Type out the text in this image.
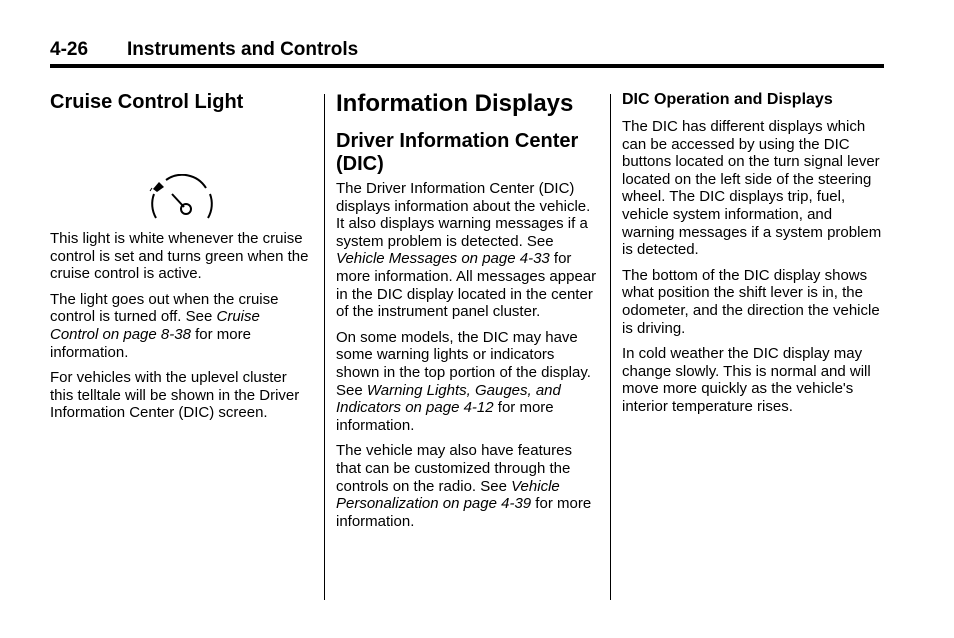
4-26 Instruments and Controls
Cruise Control Light

This light is white whenever the cruise control is set and turns green when the cruise control is active.

The light goes out when the cruise control is turned off. See Cruise Control on page 8-38 for more information.

For vehicles with the uplevel cluster this telltale will be shown in the Driver Information Center (DIC) screen.

Information Displays
Driver Information Center (DIC)

The Driver Information Center (DIC) displays information about the vehicle. It also displays warning messages if a system problem is detected. See Vehicle Messages on page 4-33 for more information. All messages appear in the DIC display located in the center of the instrument panel cluster.

On some models, the DIC may have some warning lights or indicators shown in the top portion of the display. See Warning Lights, Gauges, and Indicators on page 4-12 for more information.

The vehicle may also have features that can be customized through the controls on the radio. See Vehicle Personalization on page 4-39 for more information.

DIC Operation and Displays

The DIC has different displays which can be accessed by using the DIC buttons located on the turn signal lever located on the left side of the steering wheel. The DIC displays trip, fuel, vehicle system information, and warning messages if a system problem is detected.

The bottom of the DIC display shows what position the shift lever is in, the odometer, and the direction the vehicle is driving.

In cold weather the DIC display may change slowly. This is normal and will move more quickly as the vehicle's interior temperature rises.
